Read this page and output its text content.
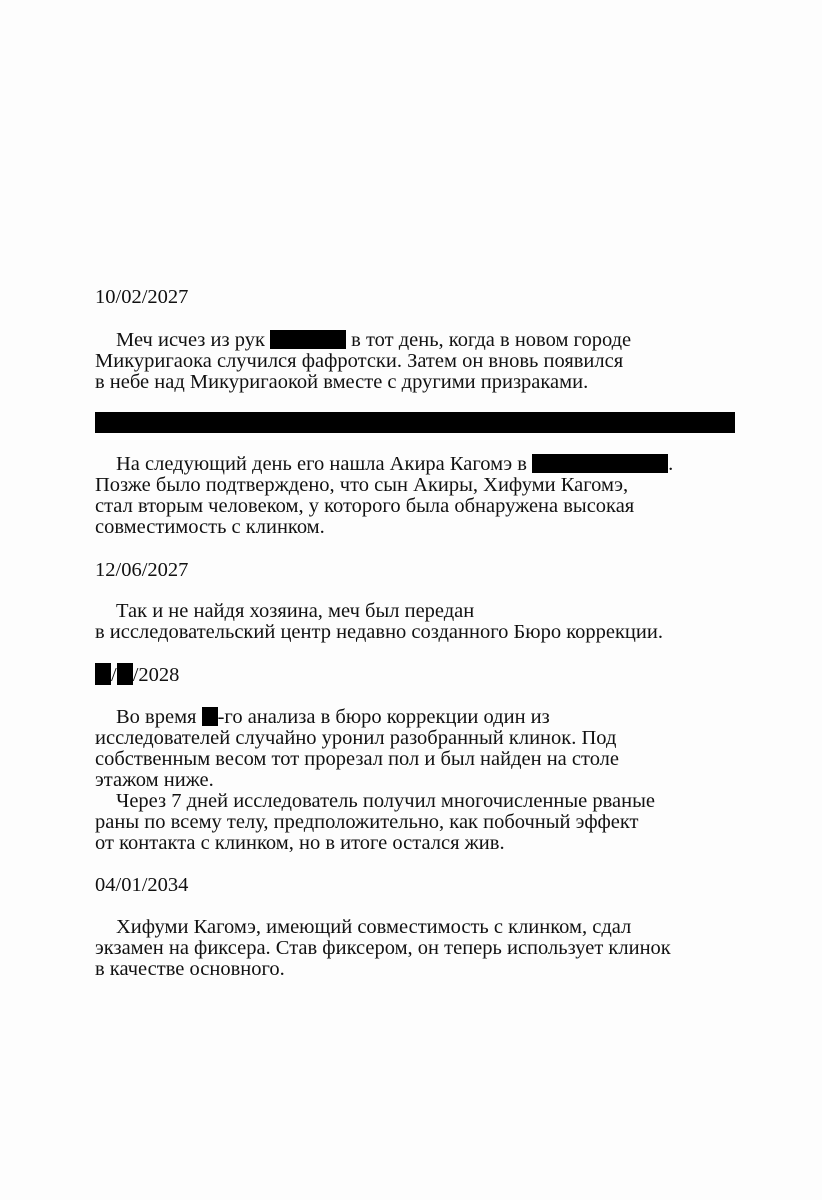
10/02/2027
Меч исчез из рук	в тот день, когда в новом городе
Микуригаока случился фафротски. Затем он вновь появился
в небе над Микуригаокой вместе с другими призраками.
На следующий день его нашла Акира Кагомэ в	.
Позже было подтверждено, что сын Акиры, Хифуми Кагомэ,
стал вторым человеком, у которого была обнаружена высокая
совместимость с клинком.
12/06/2027
Так и не найдя хозяина, меч был передан
в исследовательский центр недавно созданного Бюро коррекции.
/ /2028
Во время -го анализа в бюро коррекции один из
исследователей случайно уронил разобранный клинок. Под
собственным весом тот прорезал пол и был найден на столе
этажом ниже.
Через 7 дней исследователь получил многочисленные рваные
раны по всему телу, предположительно, как побочный эффект
от контакта с клинком, но в итоге остался жив.
04/01/2034
Хифуми Кагомэ, имеющий совместимость с клинком, сдал
экзамен на фиксера. Став фиксером, он теперь использует клинок
в качестве основного.
